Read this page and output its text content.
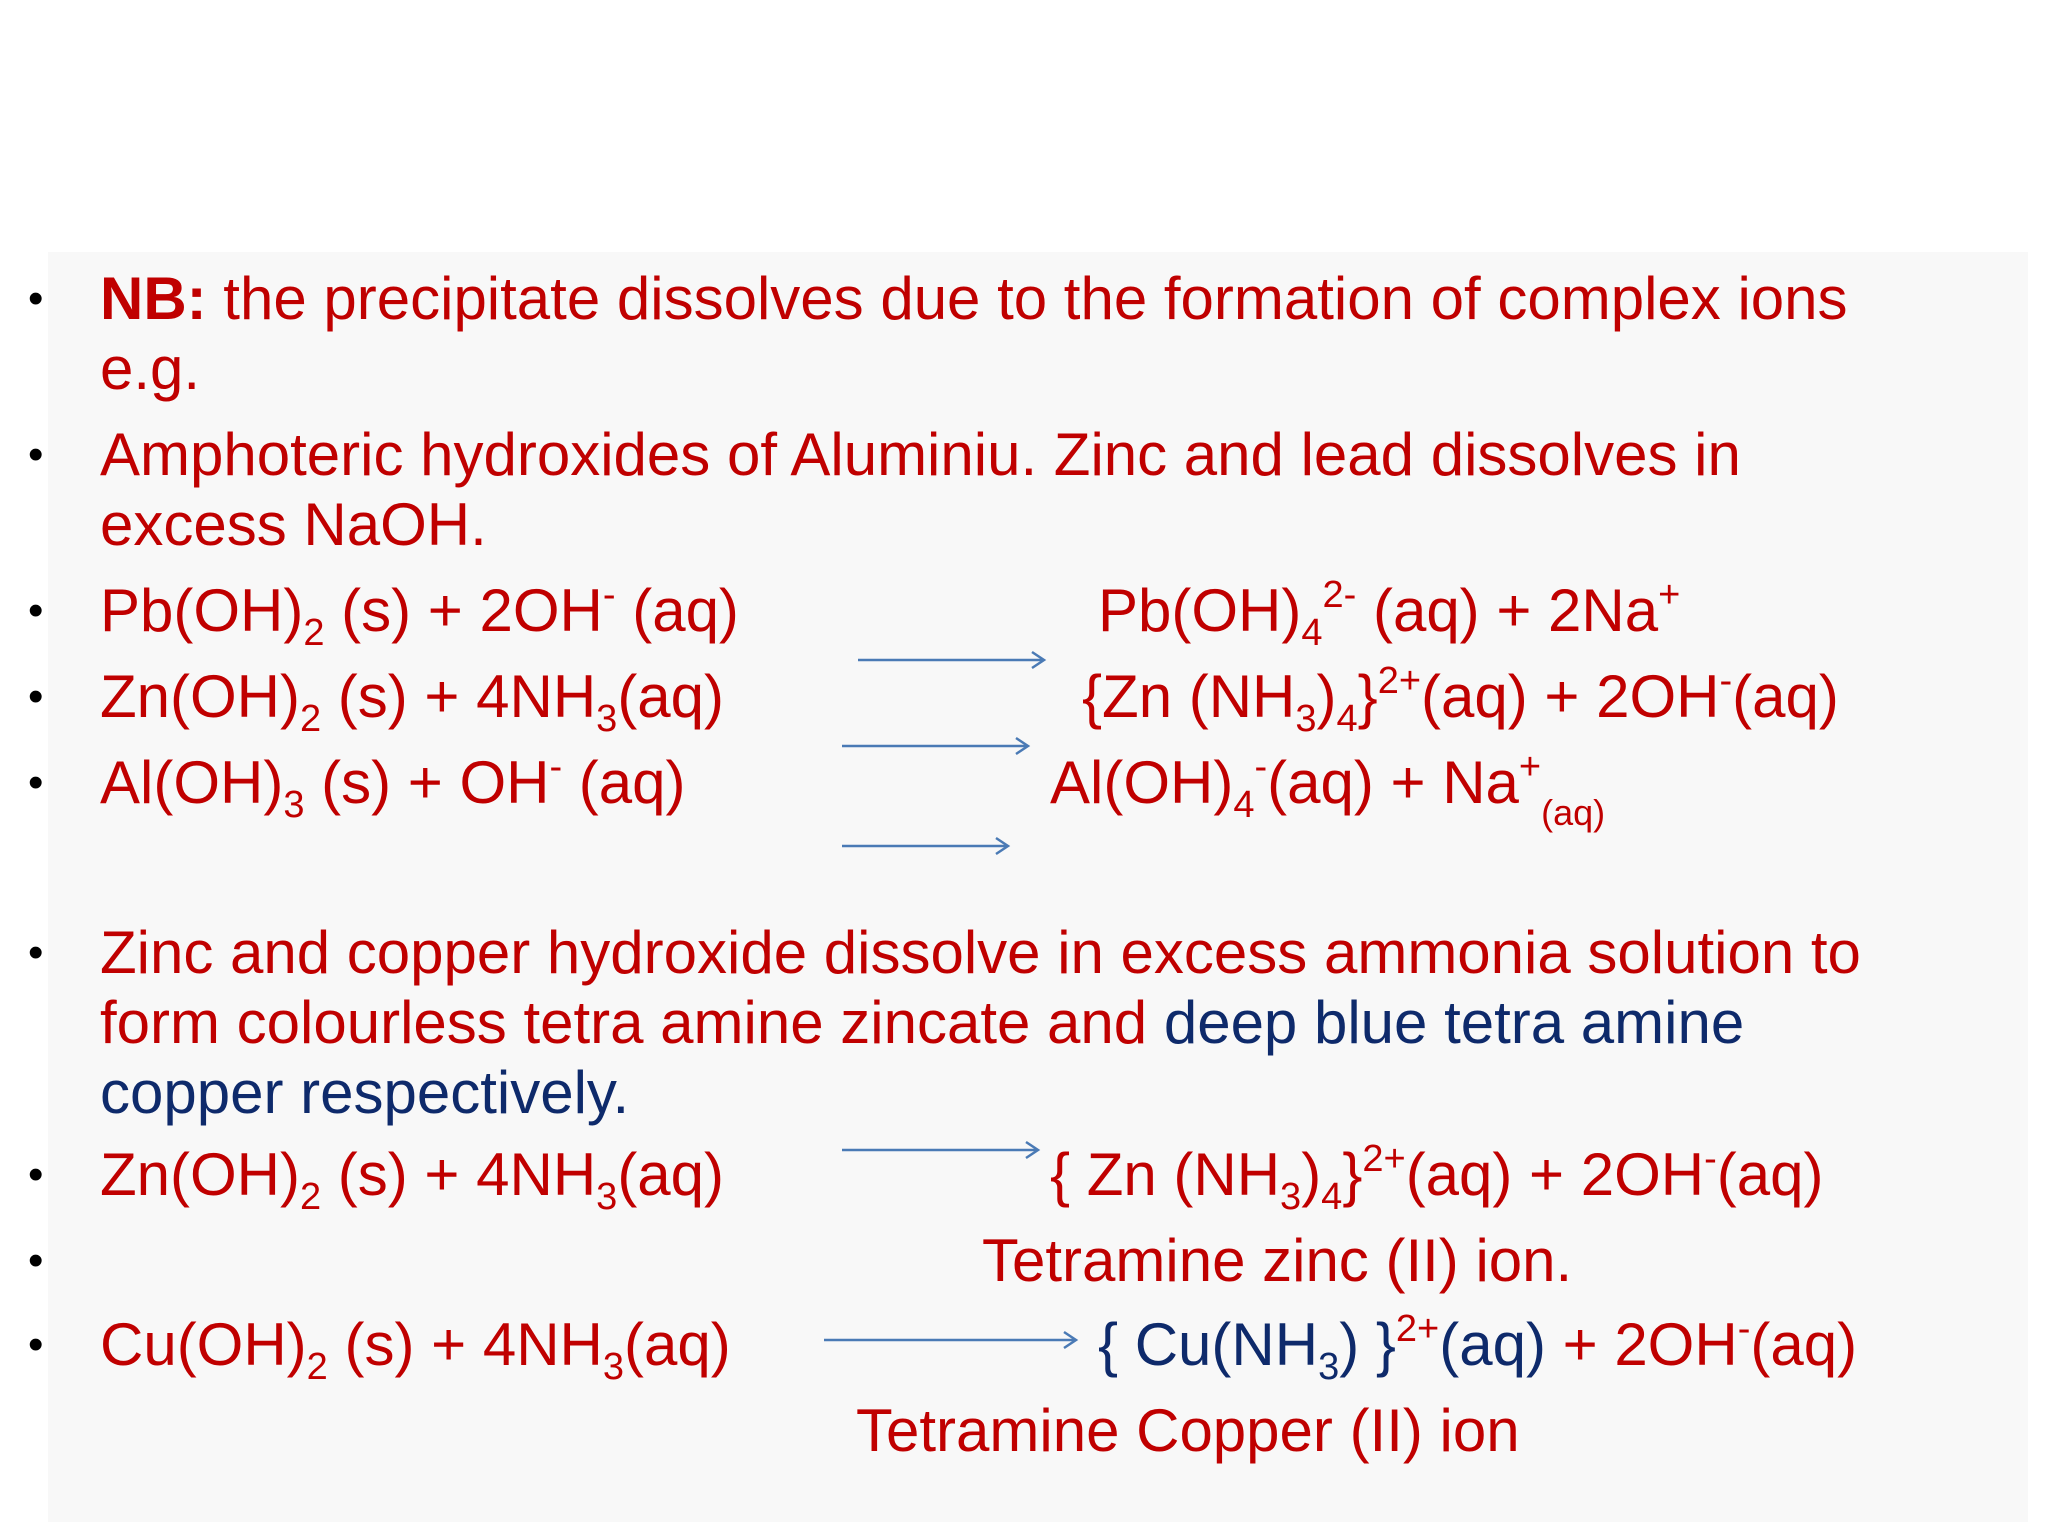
• NB: the precipitate dissolves due to the formation of complex ions
e.g.
• Amphoteric hydroxides of Aluminiu. Zinc and lead dissolves in
excess NaOH.
• $Pb(OH)_2$ (s) + 2OH- (aq)	$Pb(OH)_4^{2-}$ (aq) + 2Na+
• $Zn(OH)_2$ $(s) + 4NH_3(aq)$	{Zn $(NH_3)_4\}^{2+}(aq) + 2OH^-(aq)$
• $Al(OH)_3$ (s) + OH- (aq)	$Al(OH)_4^-(aq) + Na^+_{(aq)}$
• Zinc and copper hydroxide dissolve in excess ammonia solution to
form colourless tetra amine zincate and deep blue tetra amine
copper respectively.
• $Zn(OH)_2$ $(s) + 4NH_3(aq)$	{ Zn $(NH_3)_4\}^{2+}(aq) + 2OH^-(aq)$
•	Tetramine zinc (II) ion.
• $Cu(OH)_2$ $(s) + 4NH_3(aq)$	{ $Cu(NH_3) \}^{2+}(aq) + 2OH^-(aq)$
Tetramine Copper (II) ion
